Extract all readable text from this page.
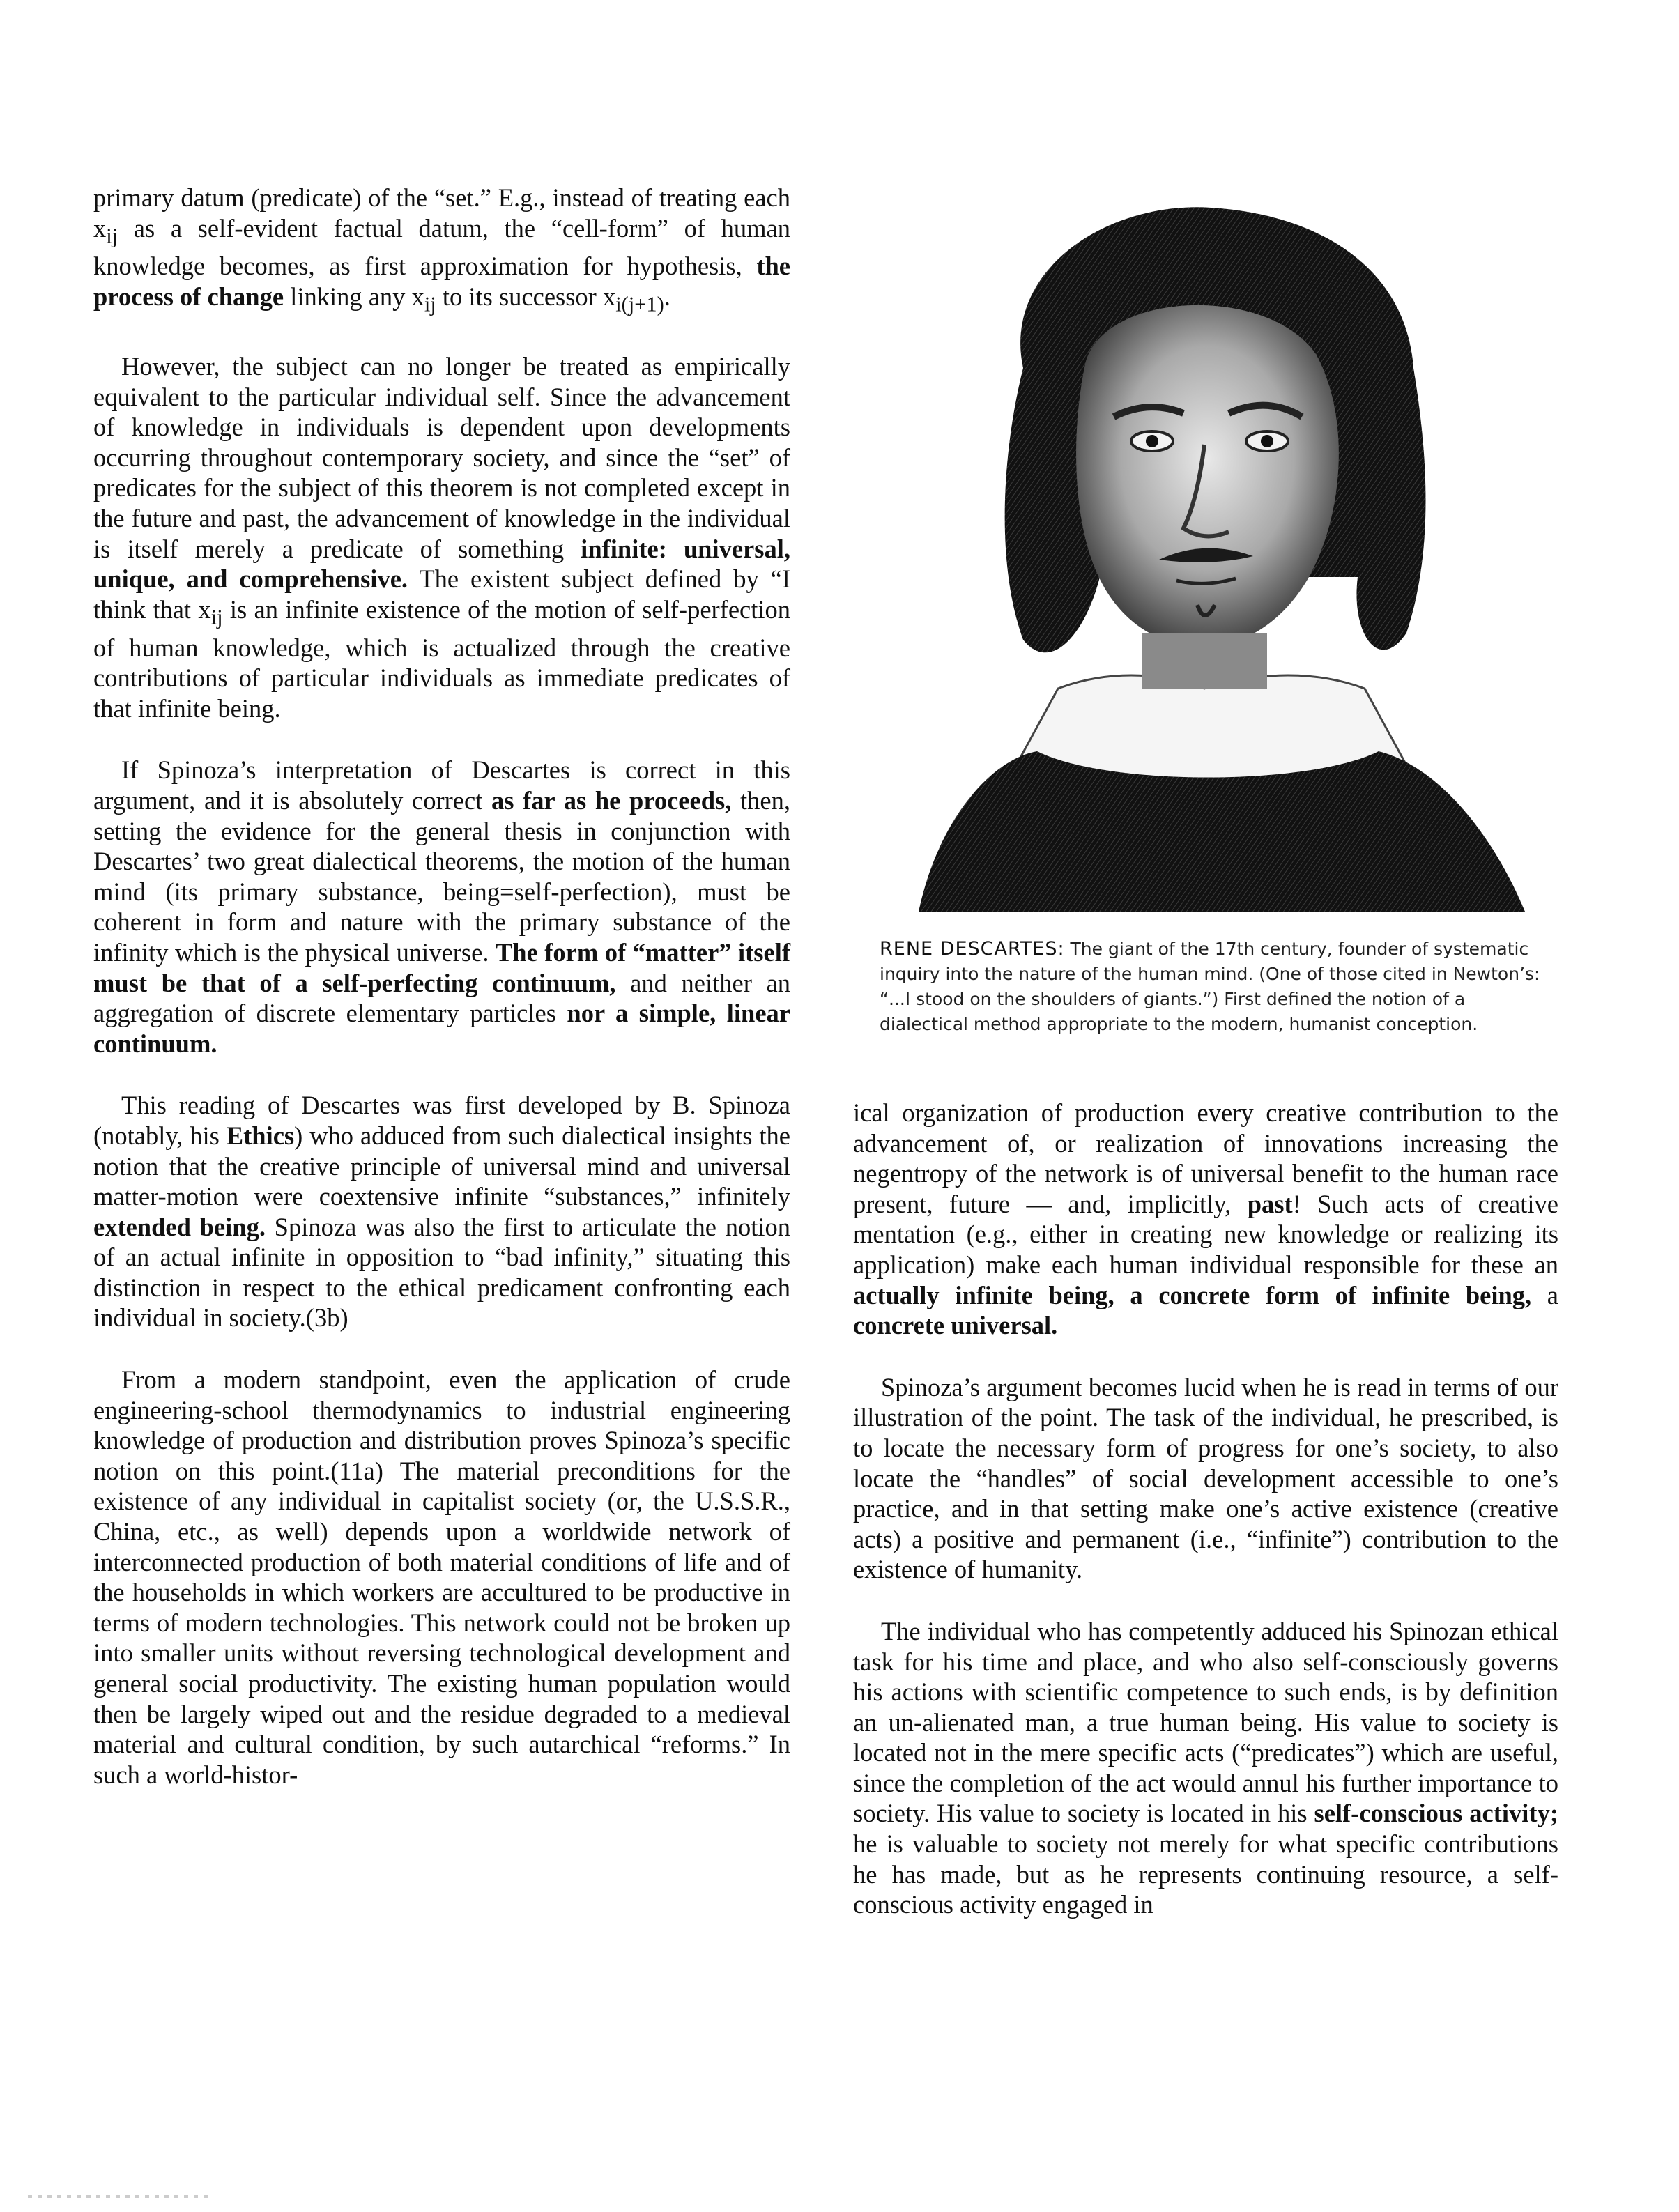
primary datum (predicate) of the “set.” E.g., instead of treating each $x_{ij}$ as a self-evident factual datum, the “cell-form” of human knowledge becomes, as first approximation for hypothesis, the process of change linking any $x_{ij}$ to its successor $x_{i(j+1)}$.

However, the subject can no longer be treated as empirically equivalent to the particular individual self. Since the advancement of knowledge in individuals is dependent upon developments occurring throughout contemporary society, and since the “set” of predicates for the subject of this theorem is not completed except in the future and past, the advancement of knowledge in the individual is itself merely a predicate of something infinite: universal, unique, and comprehensive. The existent subject defined by “I think that $x_{ij}$ is an infinite existence of the motion of self-perfection of human knowledge, which is actualized through the creative contributions of particular individuals as immediate predicates of that infinite being.

If Spinoza’s interpretation of Descartes is correct in this argument, and it is absolutely correct as far as he proceeds, then, setting the evidence for the general thesis in conjunction with Descartes’ two great dialectical theorems, the motion of the human mind (its primary substance, being=self-perfection), must be coherent in form and nature with the primary substance of the infinity which is the physical universe. The form of “matter” itself must be that of a self-perfecting continuum, and neither an aggregation of discrete elementary particles nor a simple, linear continuum.

This reading of Descartes was first developed by B. Spinoza (notably, his Ethics) who adduced from such dialectical insights the notion that the creative principle of universal mind and universal matter-motion were coextensive infinite “substances,” infinitely extended being. Spinoza was also the first to articulate the notion of an actual infinite in opposition to “bad infinity,” situating this distinction in respect to the ethical predicament confronting each individual in society.(3b)

From a modern standpoint, even the application of crude engineering-school thermodynamics to industrial engineering knowledge of production and distribution proves Spinoza’s specific notion on this point.(11a) The material preconditions for the existence of any individual in capitalist society (or, the U.S.S.R., China, etc., as well) depends upon a worldwide network of interconnected production of both material conditions of life and of the households in which workers are accultured to be productive in terms of modern technologies. This network could not be broken up into smaller units without reversing technological development and general social productivity. The existing human population would then be largely wiped out and the residue degraded to a medieval material and cultural condition, by such autarchical “reforms.” In such a world-histor-

RENE DESCARTES: The giant of the 17th century, founder of systematic inquiry into the nature of the human mind. (One of those cited in Newton’s: “...I stood on the shoulders of giants.”) First defined the notion of a dialectical method appropriate to the modern, humanist conception.

ical organization of production every creative contribution to the advancement of, or realization of innovations increasing the negentropy of the network is of universal benefit to the human race present, future — and, implicitly, past! Such acts of creative mentation (e.g., either in creating new knowledge or realizing its application) make each human individual responsible for these an actually infinite being, a concrete form of infinite being, a concrete universal.

Spinoza’s argument becomes lucid when he is read in terms of our illustration of the point. The task of the individual, he prescribed, is to locate the necessary form of progress for one’s society, to also locate the “handles” of social development accessible to one’s practice, and in that setting make one’s active existence (creative acts) a positive and permanent (i.e., “infinite”) contribution to the existence of humanity.

The individual who has competently adduced his Spinozan ethical task for his time and place, and who also self-consciously governs his actions with scientific competence to such ends, is by definition an un-alienated man, a true human being. His value to society is located not in the mere specific acts (“predicates”) which are useful, since the completion of the act would annul his further importance to society. His value to society is located in his self-conscious activity; he is valuable to society not merely for what specific contributions he has made, but as he represents continuing resource, a self-conscious activity engaged in
